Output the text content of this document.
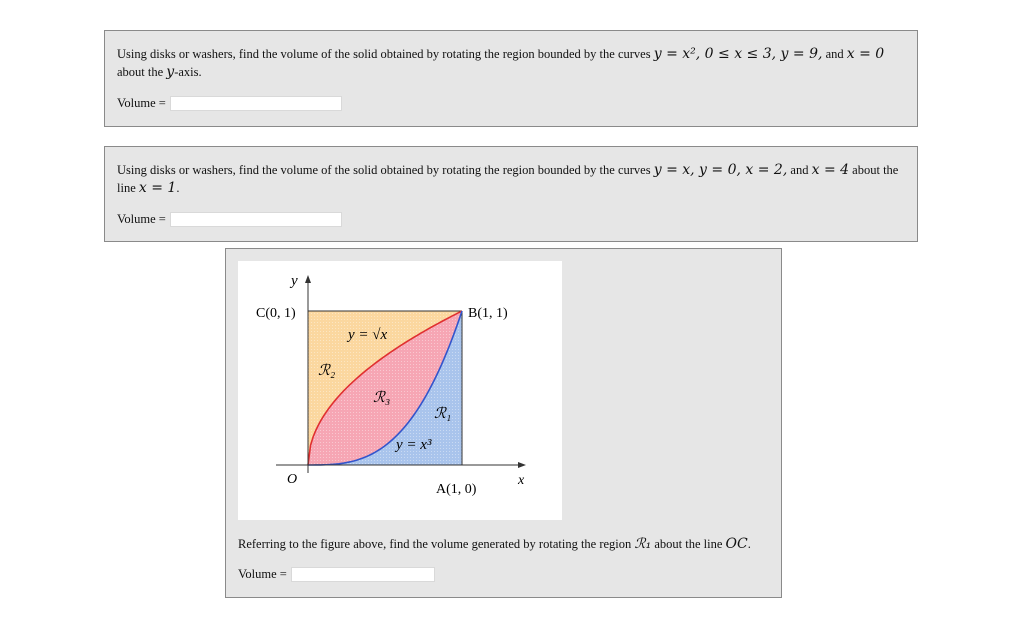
Using disks or washers, find the volume of the solid obtained by rotating the region bounded by the curves y = x², 0 ≤ x ≤ 3, y = 9, and x = 0
about the y-axis.
Volume =
Using disks or washers, find the volume of the solid obtained by rotating the region bounded by the curves y = x, y = 0, x = 2, and x = 4 about the line x = 1.
Volume =
y
x
O
C(0, 1)	B(1, 1)
A(1, 0)
y = √x
y = x³
ℛ₂
ℛ₃
ℛ₁
Referring to the figure above, find the volume generated by rotating the region ℛ₁ about the line OC.
Volume =
